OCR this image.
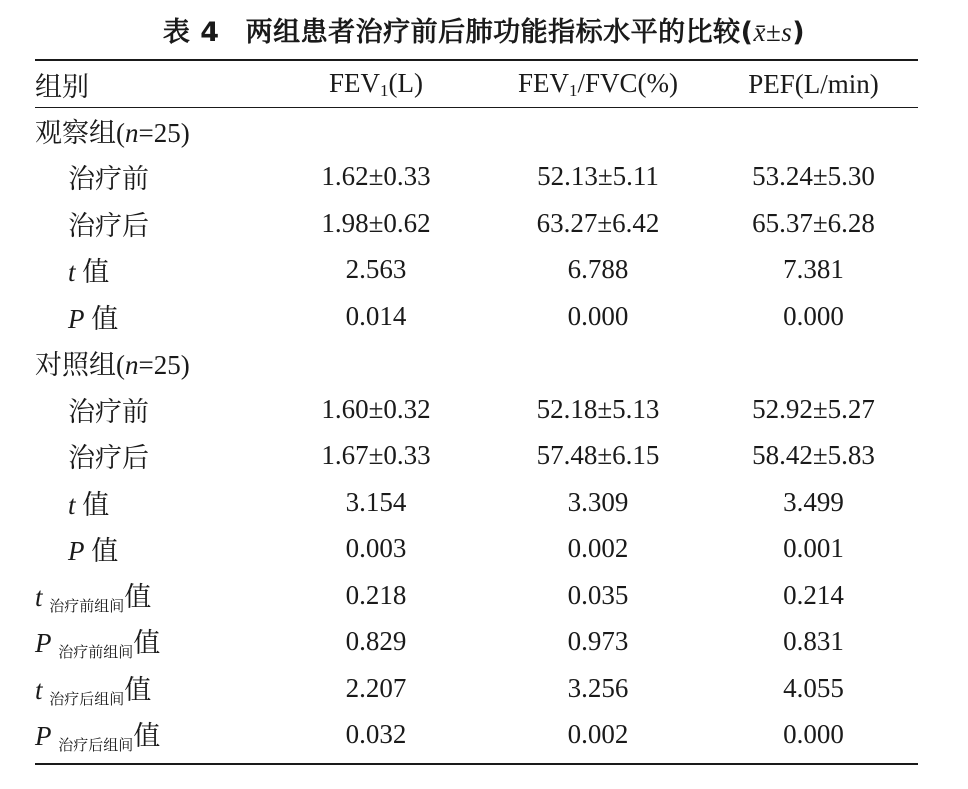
表 4 两组患者治疗前后肺功能指标水平的比较(x̄±s)
组别	$FEV_1(L)$	$FEV_1/FVC(\%)$	PEF(L/min)
观察组(n=25)			
治疗前	1.62±0.33	52.13±5.11	53.24±5.30
治疗后	1.98±0.62	63.27±6.42	65.37±6.28
t 值	2.563	6.788	7.381
P 值	0.014	0.000	0.000
对照组(n=25)			
治疗前	1.60±0.32	52.18±5.13	52.92±5.27
治疗后	1.67±0.33	57.48±6.15	58.42±5.83
t 值	3.154	3.309	3.499
P 值	0.003	0.002	0.001
t 治疗前组间值	0.218	0.035	0.214
P 治疗前组间值	0.829	0.973	0.831
t 治疗后组间值	2.207	3.256	4.055
P 治疗后组间值	0.032	0.002	0.000
